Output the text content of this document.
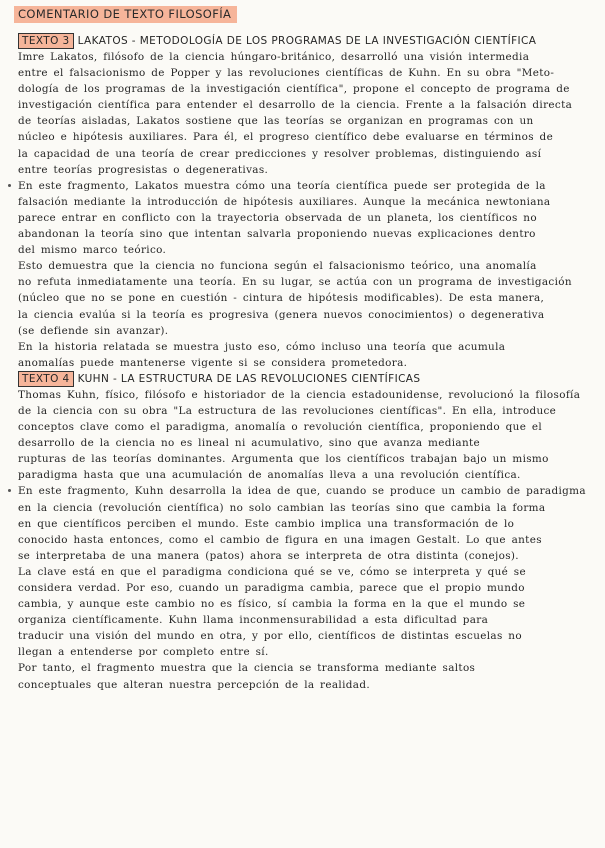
COMENTARIO DE TEXTO FILOSOFÍA
TEXTO 3 LAKATOS - METODOLOGÍA DE LOS PROGRAMAS DE LA INVESTIGACIÓN CIENTÍFICA
Imre Lakatos, filósofo de la ciencia húngaro-británico, desarrolló una visión intermedia
entre el falsacionismo de Popper y las revoluciones científicas de Kuhn. En su obra "Meto-
dología de los programas de la investigación científica", propone el concepto de programa de
investigación científica para entender el desarrollo de la ciencia. Frente a la falsación directa
de teorías aisladas, Lakatos sostiene que las teorías se organizan en programas con un
núcleo e hipótesis auxiliares. Para él, el progreso científico debe evaluarse en términos de
la capacidad de una teoría de crear predicciones y resolver problemas, distinguiendo así
entre teorías progresistas o degenerativas.
En este fragmento, Lakatos muestra cómo una teoría científica puede ser protegida de la
falsación mediante la introducción de hipótesis auxiliares. Aunque la mecánica newtoniana
parece entrar en conflicto con la trayectoria observada de un planeta, los científicos no
abandonan la teoría sino que intentan salvarla proponiendo nuevas explicaciones dentro
del mismo marco teórico.
Esto demuestra que la ciencia no funciona según el falsacionismo teórico, una anomalía
no refuta inmediatamente una teoría. En su lugar, se actúa con un programa de investigación
(núcleo que no se pone en cuestión - cintura de hipótesis modificables). De esta manera,
la ciencia evalúa si la teoría es progresiva (genera nuevos conocimientos) o degenerativa
(se defiende sin avanzar).
En la historia relatada se muestra justo eso, cómo incluso una teoría que acumula
anomalías puede mantenerse vigente si se considera prometedora.
TEXTO 4 KUHN - LA ESTRUCTURA DE LAS REVOLUCIONES CIENTÍFICAS
Thomas Kuhn, físico, filósofo e historiador de la ciencia estadounidense, revolucionó la filosofía
de la ciencia con su obra "La estructura de las revoluciones científicas". En ella, introduce
conceptos clave como el paradigma, anomalía o revolución científica, proponiendo que el
desarrollo de la ciencia no es lineal ni acumulativo, sino que avanza mediante
rupturas de las teorías dominantes. Argumenta que los científicos trabajan bajo un mismo
paradigma hasta que una acumulación de anomalías lleva a una revolución científica.
En este fragmento, Kuhn desarrolla la idea de que, cuando se produce un cambio de paradigma
en la ciencia (revolución científica) no solo cambian las teorías sino que cambia la forma
en que científicos perciben el mundo. Este cambio implica una transformación de lo
conocido hasta entonces, como el cambio de figura en una imagen Gestalt. Lo que antes
se interpretaba de una manera (patos) ahora se interpreta de otra distinta (conejos).
La clave está en que el paradigma condiciona qué se ve, cómo se interpreta y qué se
considera verdad. Por eso, cuando un paradigma cambia, parece que el propio mundo
cambia, y aunque este cambio no es físico, sí cambia la forma en la que el mundo se
organiza científicamente. Kuhn llama inconmensurabilidad a esta dificultad para
traducir una visión del mundo en otra, y por ello, científicos de distintas escuelas no
llegan a entenderse por completo entre sí.
Por tanto, el fragmento muestra que la ciencia se transforma mediante saltos
conceptuales que alteran nuestra percepción de la realidad.
